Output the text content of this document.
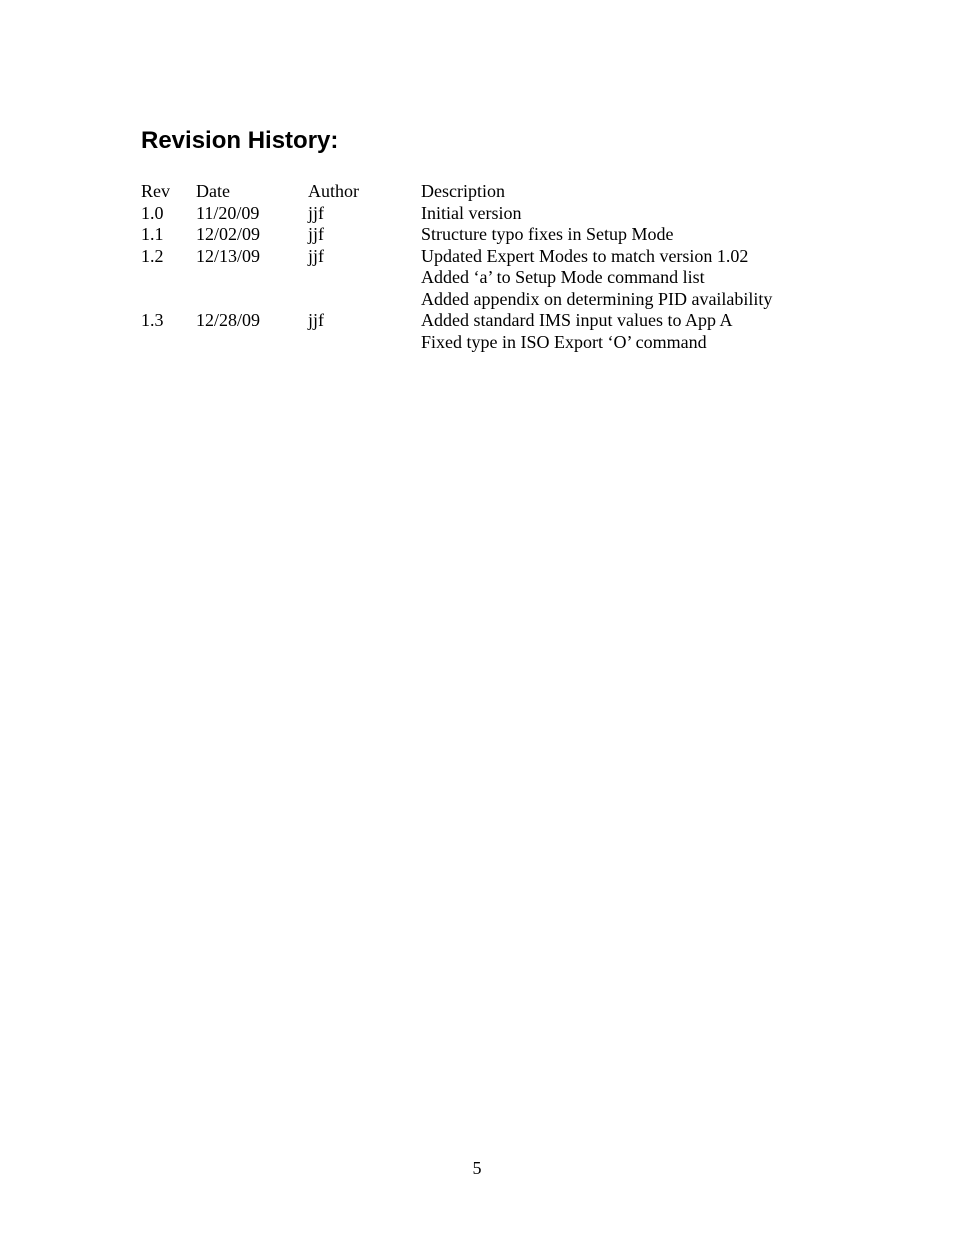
Revision History:
Rev Date	Author	Description
1.0 11/20/09	jjf	Initial version
1.1 12/02/09	jjf	Structure typo fixes in Setup Mode
1.2 12/13/09	jjf	Updated Expert Modes to match version 1.02
Added ‘a’ to Setup Mode command list
Added appendix on determining PID availability
1.3 12/28/09	jjf	Added standard IMS input values to App A
Fixed type in ISO Export ‘O’ command
5
